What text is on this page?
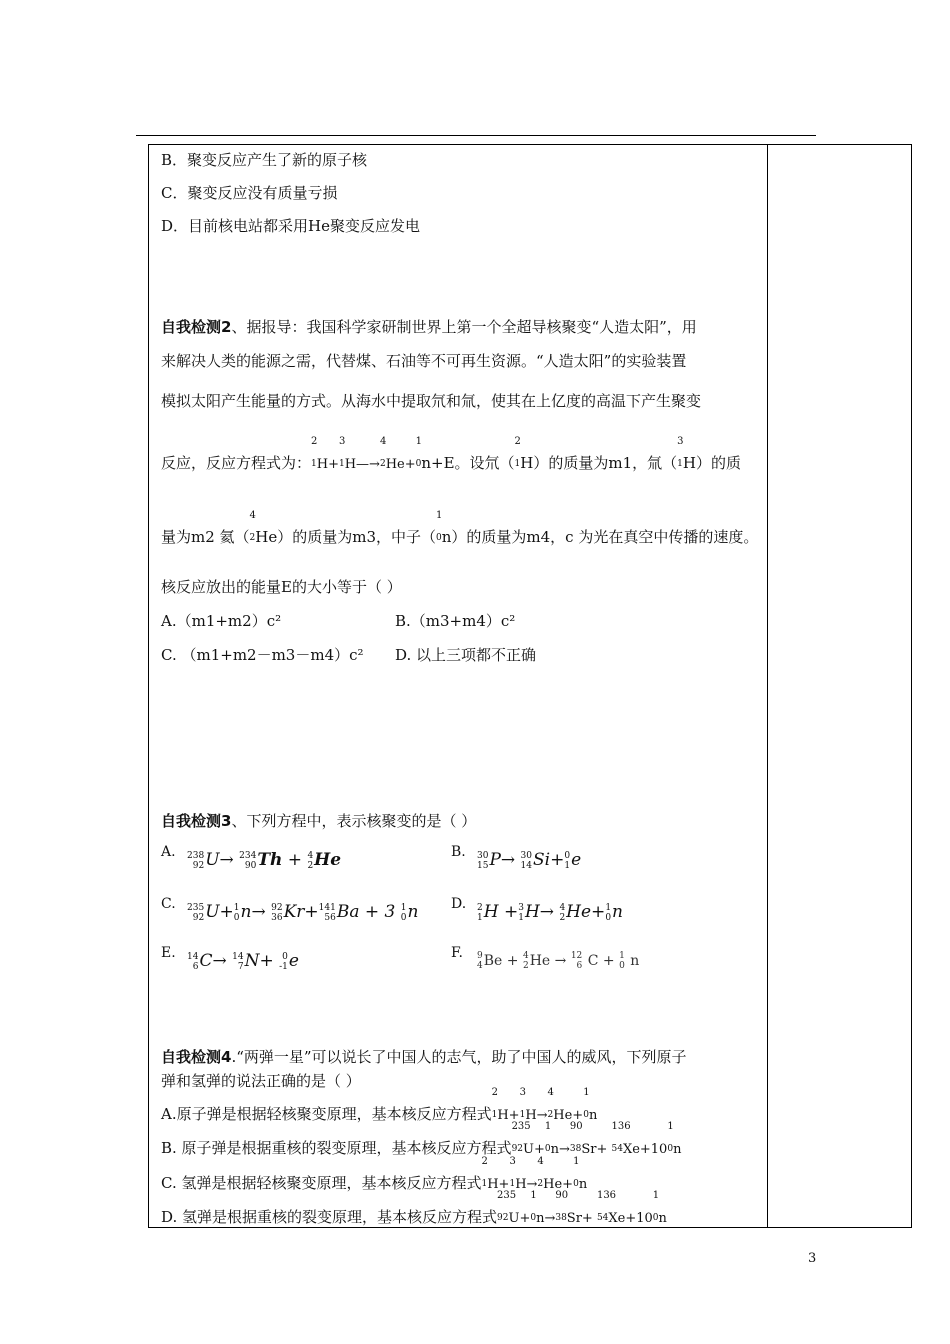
B．聚变反应产生了新的原子核
C．聚变反应没有质量亏损
D．目前核电站都采用He聚变反应发电
自我检测2、据报导：我国科学家研制世界上第一个全超导核聚变“人造太阳”，用
来解决人类的能源之需，代替煤、石油等不可再生资源。“人造太阳”的实验装置
模拟太阳产生能量的方式。从海水中提取氘和氚，使其在上亿度的高温下产生聚变
反应，反应方程式为：
2
1H+
3
1H—→
4
2He+
1
0n+E。设氘（
2
1H）的质量为m1，氚（
3
1H）的质
量为m2 氦（
4
2He）的质量为m3，中子（
1
0n）的质量为m4，c 为光在真空中传播的速度。
核反应放出的能量E的大小等于（ ）
A.（m1+m2）c²	B.（m3+m4）c²
C. （m1+m2－m3－m4）c² D. 以上三项都不正确
自我检测3、下列方程中，表示核聚变的是（ ）
A. 238
92 U→ 234
90 Th + 4
2 He	B. 30
15 P→ 30
14 Si+ 0
1 e
C. 235
92 U+ 1
0 n→ 92
36 Kr+ 141
56 Ba + 3 1
0 n D. 2
1 H + 3
1 H→ 4
2 He+ 1
0 n
E. 14
6 C→ 14
7 N+ 0
-1 e	F. 9
4 Be + 4
2 He → 12
6 C + 1
0 n
自我检测4.“两弹一星”可以说长了中国人的志气，助了中国人的威风，下列原子
弹和氢弹的说法正确的是（ ）
A.原子弹是根据轻核聚变原理，基本核反应方程式
2
1H+
3
1H→
4
2He+
1
0n
B. 原子弹是根据重核的裂变原理，基本核反应方程式
235
92U+
1
0n→
90
38Sr+
136
54Xe+10
1
0n
C. 氢弹是根据轻核聚变原理，基本核反应方程式
2
1H+
3
1H→
4
2He+
1
0n
D. 氢弹是根据重核的裂变原理，基本核反应方程式
235
92U+
1
0n→
90
38Sr+
136
54Xe+10
1
0n
3
